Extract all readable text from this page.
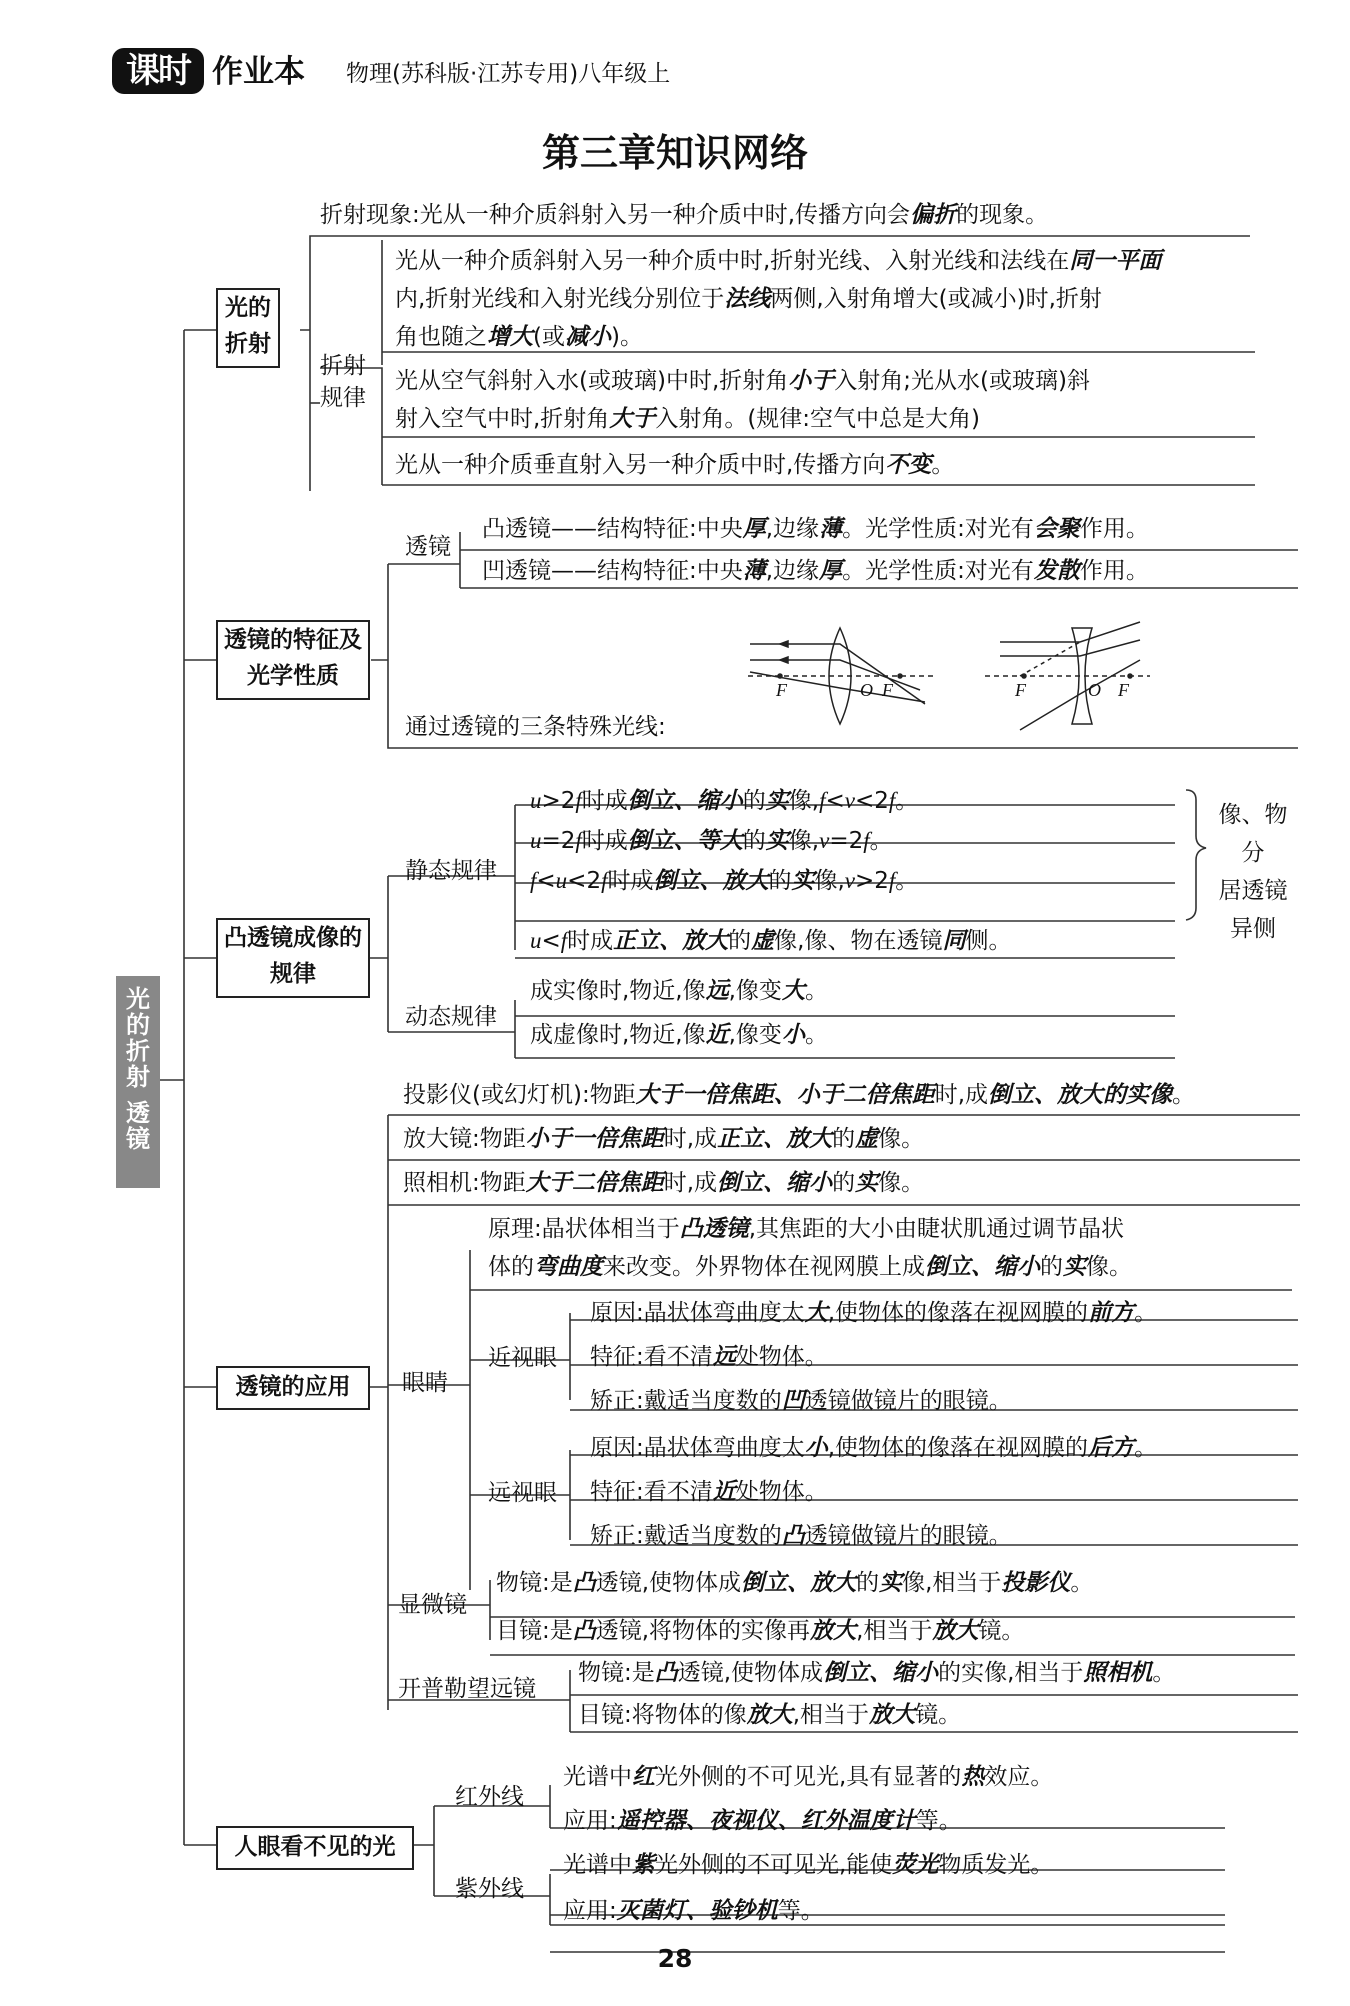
课时 作业本 物理(苏科版·江苏专用)八年级上
第三章知识网络
光的
折射
透镜
光的折射
折射现象:光从一种介质斜射入另一种介质中时,传播方向会偏折的现象。
折射规律
光从一种介质斜射入另一种介质中时,折射光线、入射光线和法线在同一平面
内,折射光线和入射光线分别位于法线两侧,入射角增大(或减小)时,折射
角也随之增大(或减小)。
光从空气斜射入水(或玻璃)中时,折射角小于入射角;光从水(或玻璃)斜
射入空气中时,折射角大于入射角。(规律:空气中总是大角)
光从一种介质垂直射入另一种介质中时,传播方向不变。
透镜的特征及光学性质
透镜
凸透镜——结构特征:中央厚,边缘薄。光学性质:对光有会聚作用。
凹透镜——结构特征:中央薄,边缘厚。光学性质:对光有发散作用。
通过透镜的三条特殊光线:
F	O F	F	O F
凸透镜成像的规律
静态规律
u>2f时成倒立、缩小的实像,f<v<2f。
u=2f时成倒立、等大的实像,v=2f。
f<u<2f时成倒立、放大的实像,v>2f。
u<f时成正立、放大的虚像,像、物在透镜同侧。
像、物分
居透镜
异侧
动态规律
成实像时,物近,像远,像变大。
成虚像时,物近,像近,像变小。
透镜的应用
投影仪(或幻灯机):物距大于一倍焦距、小于二倍焦距时,成倒立、放大的实像。
放大镜:物距小于一倍焦距时,成正立、放大的虚像。
照相机:物距大于二倍焦距时,成倒立、缩小的实像。
眼睛
原理:晶状体相当于凸透镜,其焦距的大小由睫状肌通过调节晶状
体的弯曲度来改变。外界物体在视网膜上成倒立、缩小的实像。
近视眼
原因:晶状体弯曲度太大,使物体的像落在视网膜的前方。
特征:看不清远处物体。
矫正:戴适当度数的凹透镜做镜片的眼镜。
远视眼
原因:晶状体弯曲度太小,使物体的像落在视网膜的后方。
特征:看不清近处物体。
矫正:戴适当度数的凸透镜做镜片的眼镜。
显微镜
物镜:是凸透镜,使物体成倒立、放大的实像,相当于投影仪。
目镜:是凸透镜,将物体的实像再放大,相当于放大镜。
开普勒望远镜
物镜:是凸透镜,使物体成倒立、缩小的实像,相当于照相机。
目镜:将物体的像放大,相当于放大镜。
人眼看不见的光
红外线
光谱中红光外侧的不可见光,具有显著的热效应。
应用:遥控器、夜视仪、红外温度计等。
紫外线
光谱中紫光外侧的不可见光,能使荧光物质发光。
应用:灭菌灯、验钞机等。
28
